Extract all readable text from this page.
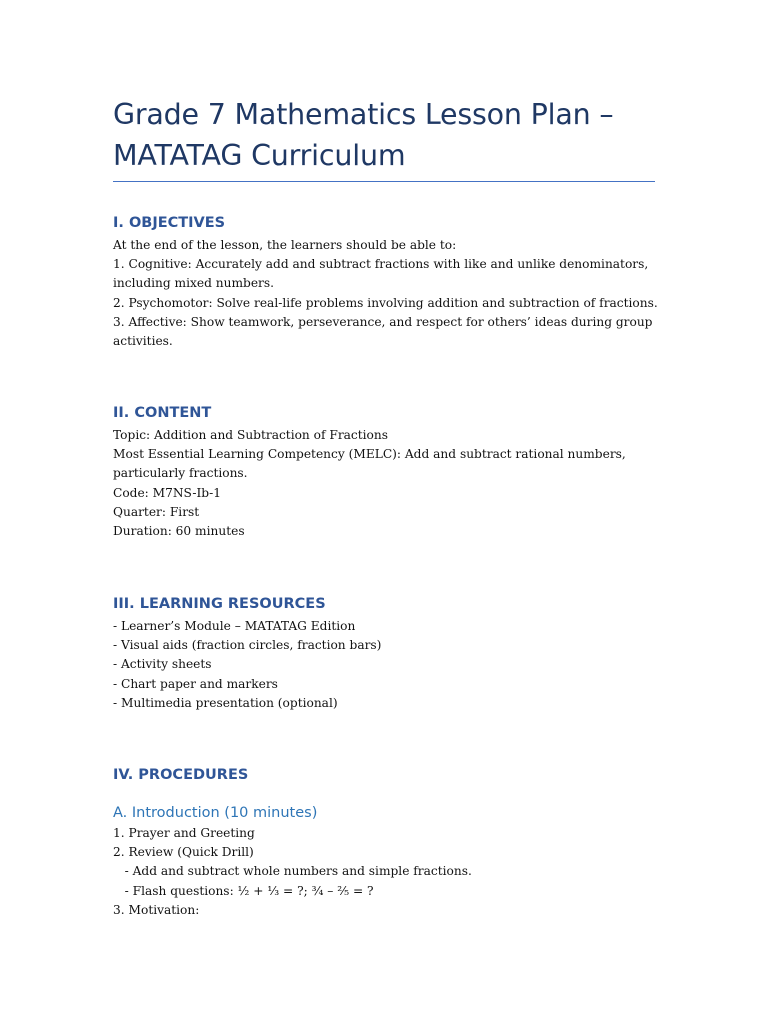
Grade 7 Mathematics Lesson Plan –

MATATAG Curriculum

I. OBJECTIVES

At the end of the lesson, the learners should be able to:

1. Cognitive: Accurately add and subtract fractions with like and unlike denominators,

including mixed numbers.

2. Psychomotor: Solve real-life problems involving addition and subtraction of fractions.

3. Affective: Show teamwork, perseverance, and respect for others’ ideas during group

activities.

II. CONTENT

Topic: Addition and Subtraction of Fractions

Most Essential Learning Competency (MELC): Add and subtract rational numbers,

particularly fractions.

Code: M7NS-Ib-1

Quarter: First

Duration: 60 minutes

III. LEARNING RESOURCES

- Learner’s Module – MATATAG Edition

- Visual aids (fraction circles, fraction bars)

- Activity sheets

- Chart paper and markers

- Multimedia presentation (optional)

IV. PROCEDURES
A. Introduction (10 minutes)

1. Prayer and Greeting

2. Review (Quick Drill)

- Add and subtract whole numbers and simple fractions.

- Flash questions: ½ + ⅓ = ?; ¾ – ⅖ = ?

3. Motivation:
